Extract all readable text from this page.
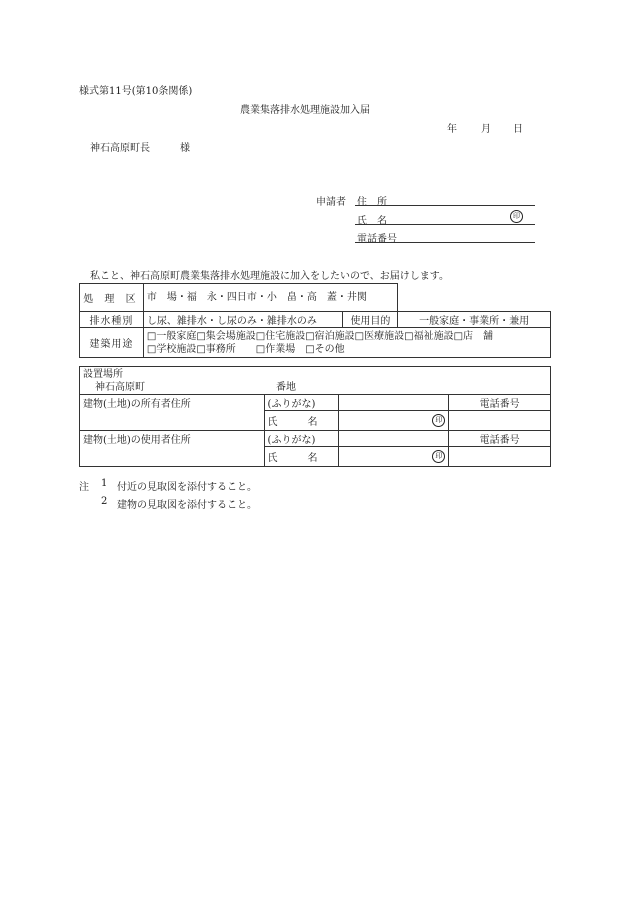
様式第11号(第10条関係)
農業集落排水処理施設加入届
年 月 日
神石高原町長	様
申請者 住　所
氏　名	印
電話番号
私こと、神石高原町農業集落排水処理施設に加入をしたいので、お届けします。
処 理 区	市　場・福　永・四日市・小　畠・高　蓋・井関		
排水種別	し尿、雑排水・し尿のみ・雑排水のみ	使用目的	一般家庭・事業所・兼用
建築用途	□一般家庭□集会場施設□住宅施設□宿泊施設□医療施設□福祉施設□店　舗
□学校施設□事務所　　□作業場　□その他		
設置場所
神石高原町 番地			

建物(土地)の所有者住所	(ふりがな)		電話番号
	氏　　　名	印	
建物(土地)の使用者住所	(ふりがな)		電話番号
	氏　　　名	印	
注 1 付近の見取図を添付すること。
2 建物の見取図を添付すること。
